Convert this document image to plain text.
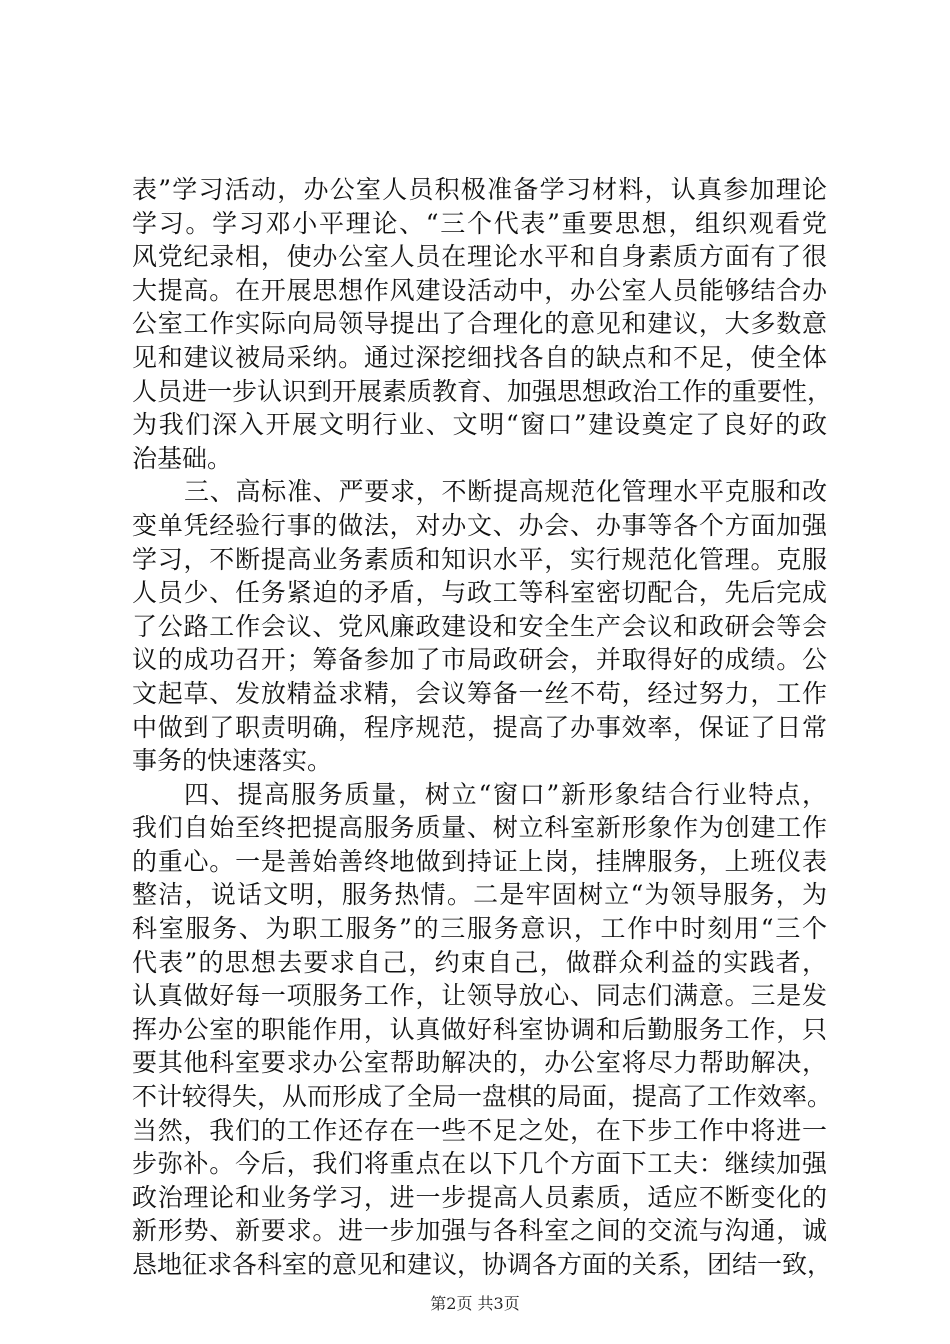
表”学习活动，办公室人员积极准备学习材料，认真参加理论
学习。学习邓小平理论、“三个代表”重要思想，组织观看党
风党纪录相，使办公室人员在理论水平和自身素质方面有了很
大提高。在开展思想作风建设活动中，办公室人员能够结合办
公室工作实际向局领导提出了合理化的意见和建议，大多数意
见和建议被局采纳。通过深挖细找各自的缺点和不足，使全体
人员进一步认识到开展素质教育、加强思想政治工作的重要性，
为我们深入开展文明行业、文明“窗口”建设奠定了良好的政
治基础。
三、高标准、严要求，不断提高规范化管理水平克服和改
变单凭经验行事的做法，对办文、办会、办事等各个方面加强
学习，不断提高业务素质和知识水平，实行规范化管理。克服
人员少、任务紧迫的矛盾，与政工等科室密切配合，先后完成
了公路工作会议、党风廉政建设和安全生产会议和政研会等会
议的成功召开；筹备参加了市局政研会，并取得好的成绩。公
文起草、发放精益求精，会议筹备一丝不苟，经过努力，工作
中做到了职责明确，程序规范，提高了办事效率，保证了日常
事务的快速落实。
四、提高服务质量，树立“窗口”新形象结合行业特点，
我们自始至终把提高服务质量、树立科室新形象作为创建工作
的重心。一是善始善终地做到持证上岗，挂牌服务，上班仪表
整洁，说话文明，服务热情。二是牢固树立“为领导服务，为
科室服务、为职工服务”的三服务意识，工作中时刻用“三个
代表”的思想去要求自己，约束自己，做群众利益的实践者，
认真做好每一项服务工作，让领导放心、同志们满意。三是发
挥办公室的职能作用，认真做好科室协调和后勤服务工作，只
要其他科室要求办公室帮助解决的，办公室将尽力帮助解决，
不计较得失，从而形成了全局一盘棋的局面，提高了工作效率。
当然，我们的工作还存在一些不足之处，在下步工作中将进一
步弥补。今后，我们将重点在以下几个方面下工夫：继续加强
政治理论和业务学习，进一步提高人员素质，适应不断变化的
新形势、新要求。进一步加强与各科室之间的交流与沟通，诚
恳地征求各科室的意见和建议，协调各方面的关系，团结一致，
第2页 共3页
